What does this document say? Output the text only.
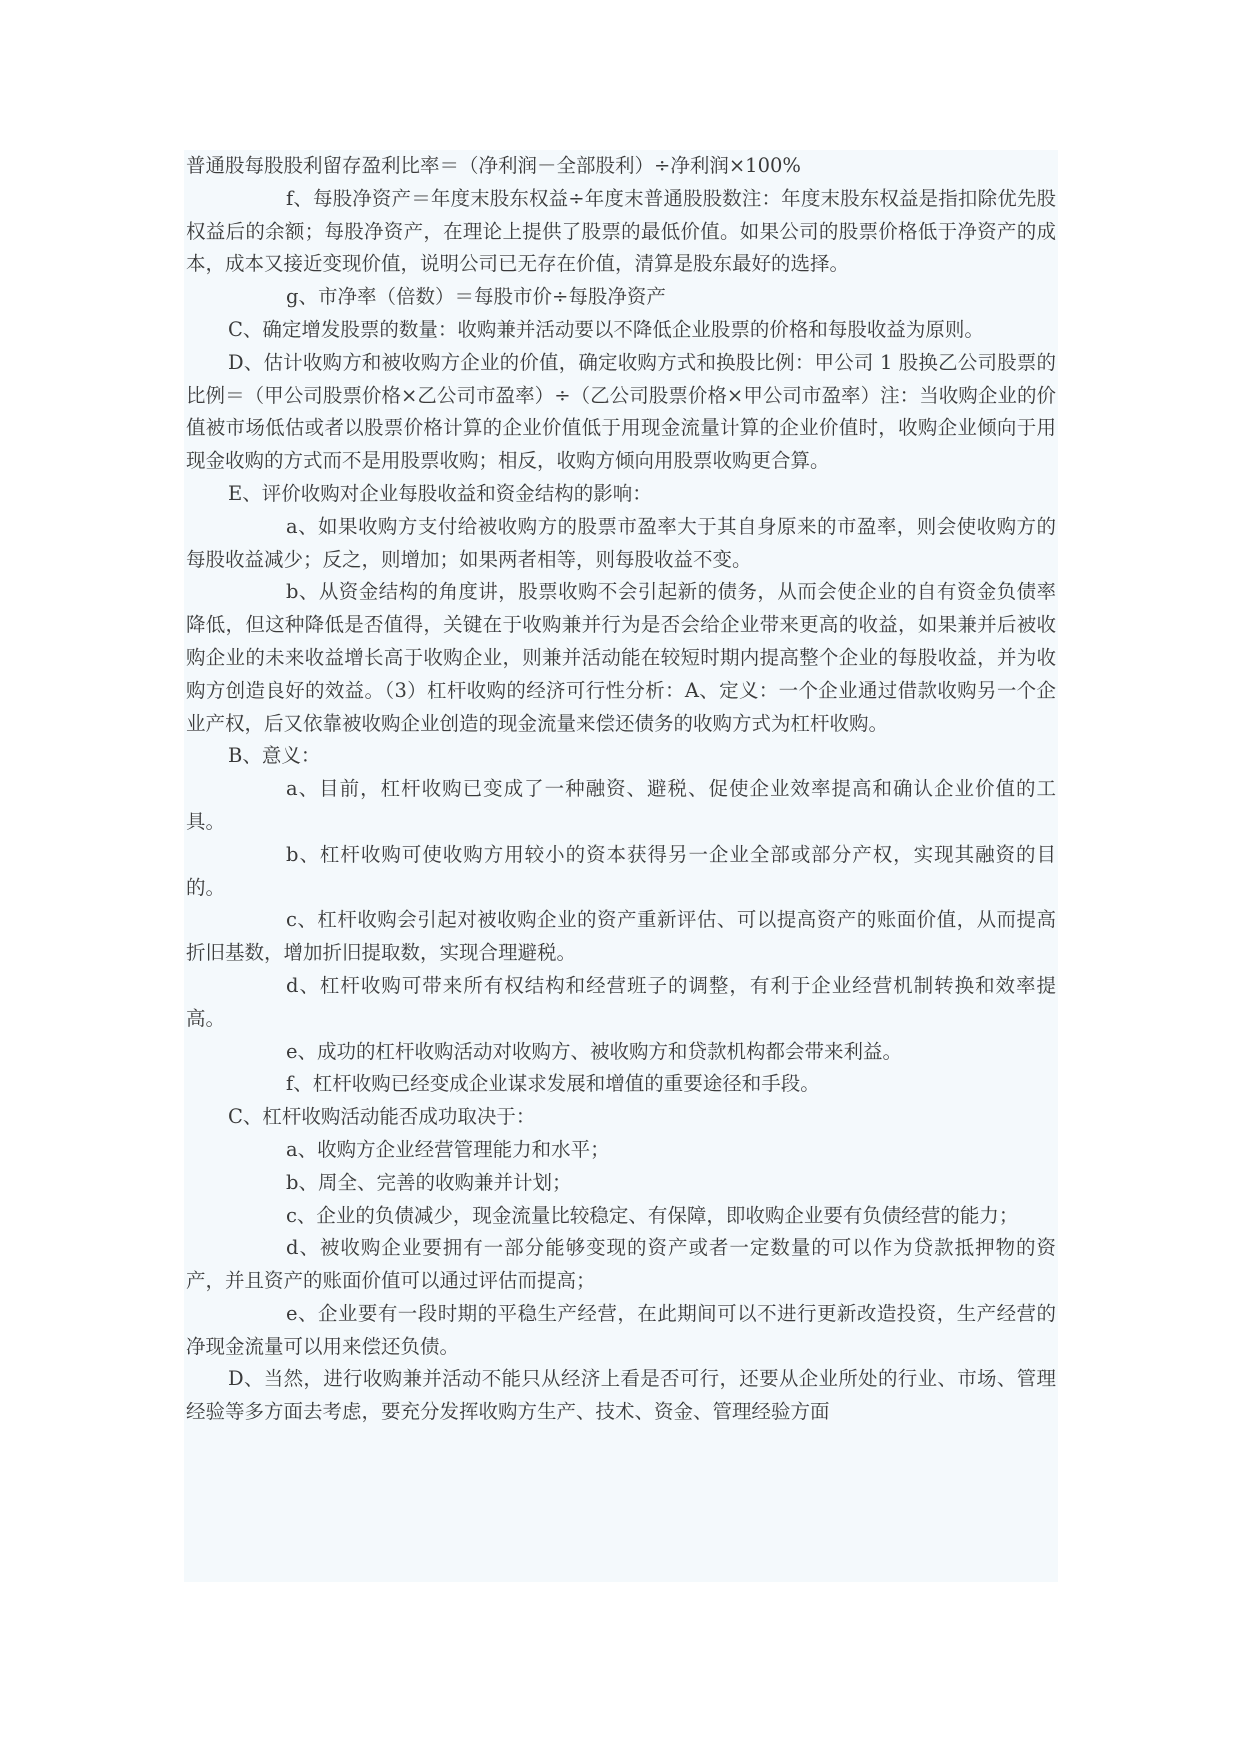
普通股每股股利留存盈利比率＝（净利润－全部股利）÷净利润×100%

f、每股净资产＝年度末股东权益÷年度末普通股股数注：年度末股东权益是指扣除优先股权益后的余额；每股净资产，在理论上提供了股票的最低价值。如果公司的股票价格低于净资产的成本，成本又接近变现价值，说明公司已无存在价值，清算是股东最好的选择。

g、市净率（倍数）＝每股市价÷每股净资产

C、确定增发股票的数量：收购兼并活动要以不降低企业股票的价格和每股收益为原则。

D、估计收购方和被收购方企业的价值，确定收购方式和换股比例：甲公司 1 股换乙公司股票的比例＝（甲公司股票价格×乙公司市盈率）÷（乙公司股票价格×甲公司市盈率）注：当收购企业的价值被市场低估或者以股票价格计算的企业价值低于用现金流量计算的企业价值时，收购企业倾向于用现金收购的方式而不是用股票收购；相反，收购方倾向用股票收购更合算。

E、评价收购对企业每股收益和资金结构的影响：

a、如果收购方支付给被收购方的股票市盈率大于其自身原来的市盈率，则会使收购方的每股收益减少；反之，则增加；如果两者相等，则每股收益不变。

b、从资金结构的角度讲，股票收购不会引起新的债务，从而会使企业的自有资金负债率降低，但这种降低是否值得，关键在于收购兼并行为是否会给企业带来更高的收益，如果兼并后被收购企业的未来收益增长高于收购企业，则兼并活动能在较短时期内提高整个企业的每股收益，并为收购方创造良好的效益。（3）杠杆收购的经济可行性分析：A、定义：一个企业通过借款收购另一个企业产权，后又依靠被收购企业创造的现金流量来偿还债务的收购方式为杠杆收购。

B、意义：

a、目前，杠杆收购已变成了一种融资、避税、促使企业效率提高和确认企业价值的工具。

b、杠杆收购可使收购方用较小的资本获得另一企业全部或部分产权，实现其融资的目的。

c、杠杆收购会引起对被收购企业的资产重新评估、可以提高资产的账面价值，从而提高折旧基数，增加折旧提取数，实现合理避税。

d、杠杆收购可带来所有权结构和经营班子的调整，有利于企业经营机制转换和效率提高。

e、成功的杠杆收购活动对收购方、被收购方和贷款机构都会带来利益。

f、杠杆收购已经变成企业谋求发展和增值的重要途径和手段。

C、杠杆收购活动能否成功取决于：

a、收购方企业经营管理能力和水平；

b、周全、完善的收购兼并计划；

c、企业的负债减少，现金流量比较稳定、有保障，即收购企业要有负债经营的能力；

d、被收购企业要拥有一部分能够变现的资产或者一定数量的可以作为贷款抵押物的资产，并且资产的账面价值可以通过评估而提高；

e、企业要有一段时期的平稳生产经营，在此期间可以不进行更新改造投资，生产经营的净现金流量可以用来偿还负债。

D、当然，进行收购兼并活动不能只从经济上看是否可行，还要从企业所处的行业、市场、管理经验等多方面去考虑，要充分发挥收购方生产、技术、资金、管理经验方面
